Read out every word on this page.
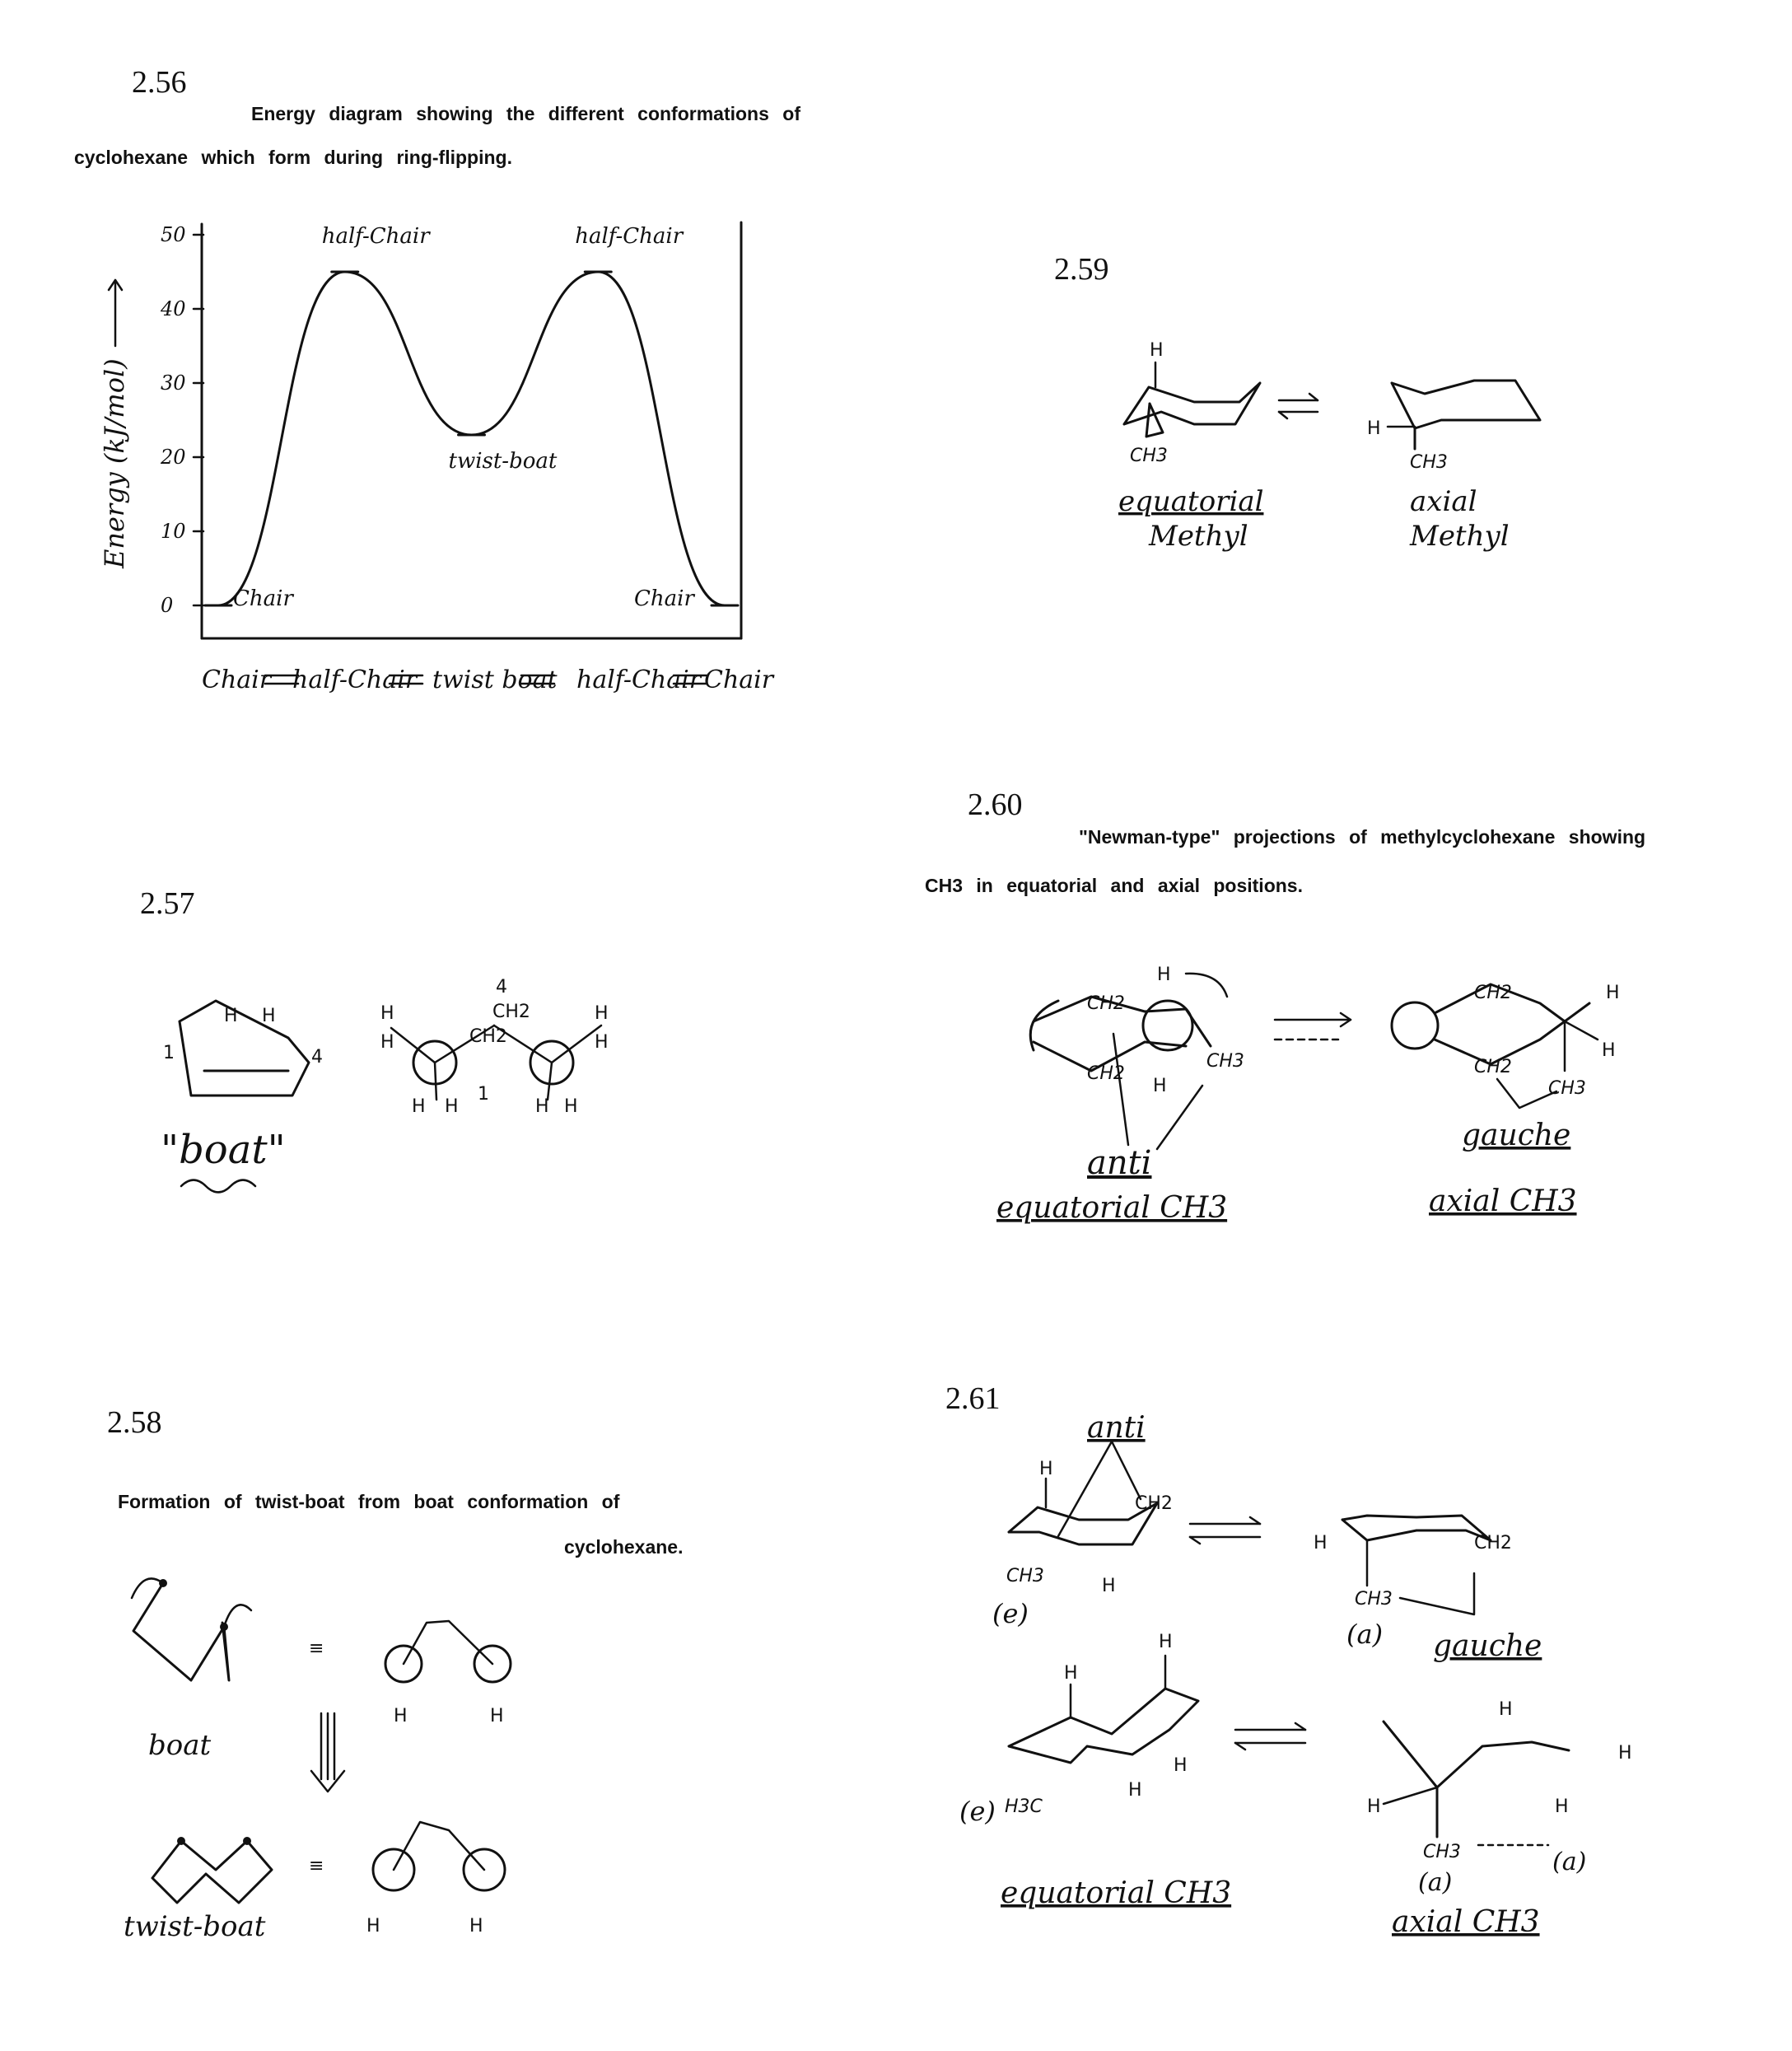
2.56
2.57
2.58
2.59
2.60
2.61
Energy diagram showing the different conformations of
cyclohexane which form during ring-flipping.
Formation of twist-boat from boat conformation of
cyclohexane.
"Newman-type" projections of methylcyclohexane showing
CH3 in equatorial and axial positions.
0
10
20
30
40
50
Chair
half-Chair
twist-boat
half-Chair
Chair
Energy (kJ/mol)
Chair half-Chair twist boat half-Chair Chair
H
CH3
H
CH3
equatorial
Methyl
axial
Methyl
H H
1	4
"boat"
H
H
H H	H H
H
H
4
CH2
CH2
1
boat
≡
H	H
twist-boat
≡
H	H
CH2
CH2
CH3
H
H
CH2
CH2
CH3
H
H
anti
equatorial CH3
gauche
axial CH3
anti
H
CH3
(e)
CH2
H
CH3
H	CH2
(a) gauche
H
H
H
H
(e) H3C	H
CH3
H
H
H
(a)
(a)
equatorial CH3
axial CH3
